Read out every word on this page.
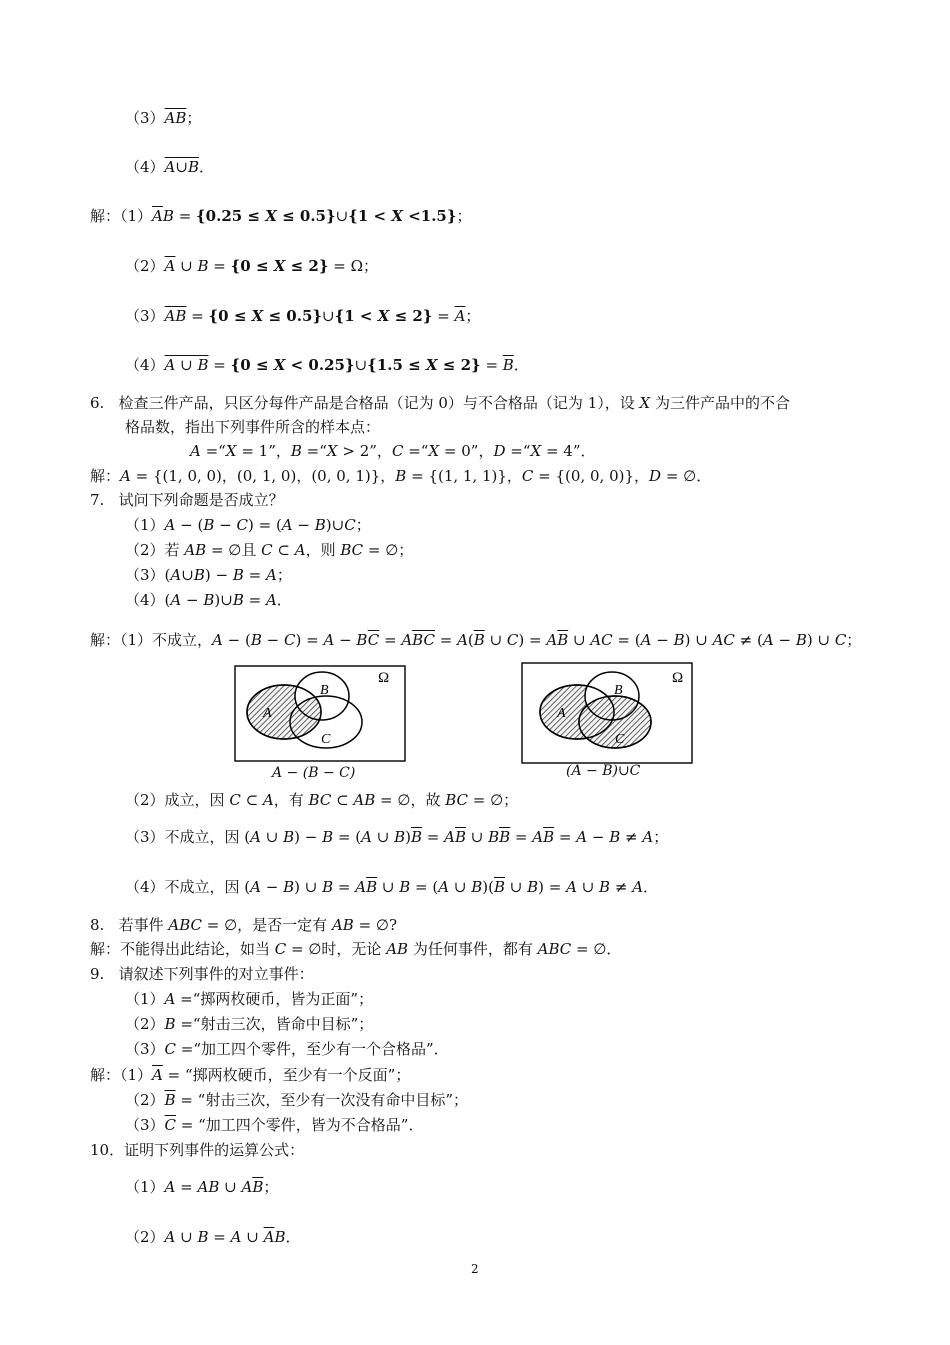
$(3)\overline{AB}$；
（4）A∪B．
解：$(1)\overline{A}B = \{0.25 \le X$ ≤ 0.5}∪{1 < X <1.5}；
$(2)\overline{A}$ ∪ B = {0 ≤ X ≤ 2} = Ω；
$(3)\overline{AB} = \{0 \le X$ ≤ 0.5}∪{1 < $X \le 2\} = \overline{A}$；
（4）A ∪ B = {0 ≤ X < 0.25}∪{1.5 ≤ $X \le 2\} = \overline{B}$．
6.   检查三件产品，只区分每件产品是合格品（记为 0）与不合格品（记为 1），设 X 为三件产品中的不合
格品数，指出下列事件所含的样本点：
A =“X = 1”，B =“X > 2”，C =“X = 0”，D =“X = 4”．
解：A = {(1, 0, 0)，(0, 1, 0)，(0, 0, 1)}，B = {(1, 1, 1)}，C = {(0, 0, 0)}，D = ∅．
7.   试问下列命题是否成立？
（1）A − (B − C) = (A − B)∪C；
（2）若 AB = ∅且 C ⊂ A，则 BC = ∅；
（3）(A∪B) − B = A；
（4）(A − B)∪B = A．
解：（1）不成立，$A - (B - C) = A - B\overline{C}$ = ABC = $A(\overline{B}$ ∪ $C) = A\overline{B}$ ∪ AC = (A − B) ∪ AC ≠ (A − B) ∪ C；
Ω
A
B
C
A − (B − C)
Ω
A
B
C
(A − B)∪C
（2）成立，因 C ⊂ A，有 BC ⊂ AB = ∅，故 BC = ∅；
（3）不成立，因 (A ∪ B) − B = (A ∪ $B)\overline{B} = A\overline{B}$ ∪ $B\overline{B} = A\overline{B} = A - B \ne A$；
（4）不成立，因 (A − B) ∪ $B = A\overline{B}$ ∪ B = (A ∪ $B)(\overline{B}$ ∪ B) = A ∪ B ≠ A．
8.   若事件 ABC = ∅，是否一定有 AB = ∅?
解：不能得出此结论，如当 C = ∅时，无论 AB 为任何事件，都有 ABC = ∅．
9.   请叙述下列事件的对立事件：
（1）A =“掷两枚硬币，皆为正面”；
（2）B =“射击三次，皆命中目标”；
（3）C =“加工四个零件，至少有一个合格品”．
解：$(1)\overline{A}$ = “掷两枚硬币，至少有一个反面”；
$(2)\overline{B}$ = “射击三次，至少有一次没有命中目标”；
$(3)\overline{C}$ = “加工四个零件，皆为不合格品”．
10．证明下列事件的运算公式：
（1）A = AB ∪ $A\overline{B}$；
（2）A ∪ B = A ∪ $\overline{A}B$．
2
